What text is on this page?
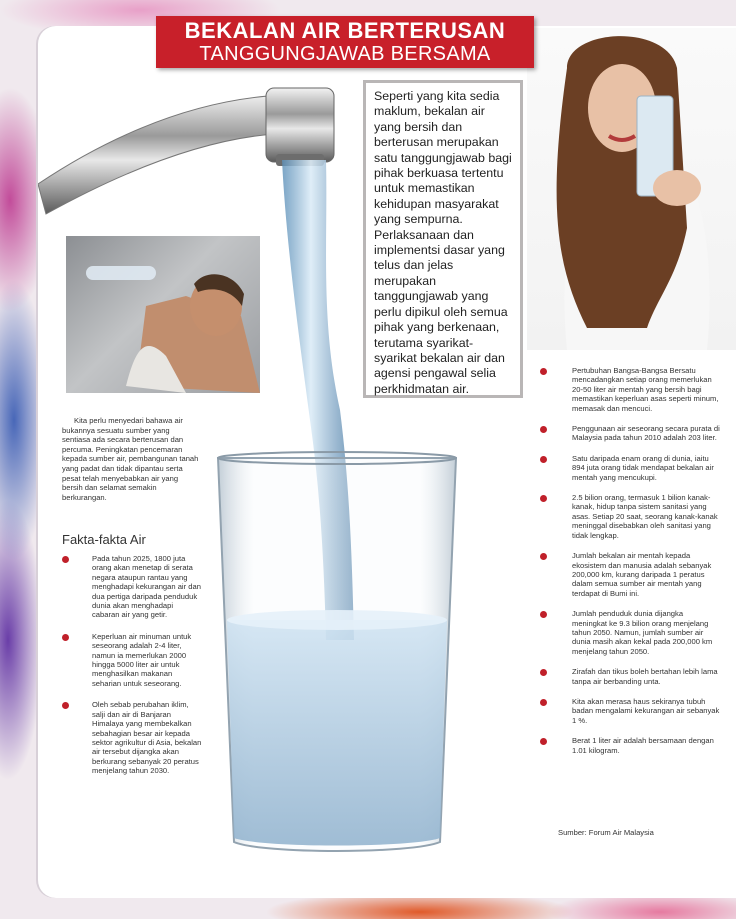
BEKALAN AIR BERTERUSAN
TANGGUNGJAWAB BERSAMA

Seperti yang kita sedia maklum, bekalan air yang bersih dan berterusan merupakan satu tanggungjawab bagi pihak berkuasa tertentu untuk memastikan kehidupan masyarakat yang sempurna. Perlaksanaan dan implementsi dasar yang telus dan jelas merupakan tanggungjawab yang perlu dipikul oleh semua pihak yang berkenaan, terutama syarikat-syarikat bekalan air dan agensi pengawal selia perkhidmatan air.

Kita perlu menyedari bahawa air bukannya sesuatu sumber yang sentiasa ada secara berterusan dan percuma. Peningkatan pencemaran kepada sumber air, pembangunan tanah yang padat dan tidak dipantau serta pesat telah menyebabkan air yang bersih dan selamat semakin berkurangan.

Fakta-fakta Air
Pada tahun 2025, 1800 juta orang akan menetap di serata negara ataupun rantau yang menghadapi kekurangan air dan dua pertiga daripada penduduk dunia akan menghadapi cabaran air yang getir.
Keperluan air minuman untuk seseorang adalah 2-4 liter, namun ia memerlukan 2000 hingga 5000 liter air untuk menghasilkan makanan seharian untuk seseorang.
Oleh sebab perubahan iklim, salji dan air di Banjaran Himalaya yang membekalkan sebahagian besar air kepada sektor agrikultur di Asia, bekalan air tersebut dijangka akan berkurang sebanyak 20 peratus menjelang tahun 2030.
Pertubuhan Bangsa-Bangsa Bersatu mencadangkan setiap orang memerlukan 20-50 liter air mentah yang bersih bagi memastikan keperluan asas seperti minum, memasak dan mencuci.
Penggunaan air seseorang secara purata di Malaysia pada tahun 2010 adalah 203 liter.
Satu daripada enam orang di dunia, iaitu 894 juta orang tidak mendapat bekalan air mentah yang mencukupi.
2.5 bilion orang, termasuk 1 bilion kanak-kanak, hidup tanpa sistem sanitasi yang asas. Setiap 20 saat, seorang kanak-kanak meninggal disebabkan oleh sanitasi yang tidak lengkap.
Jumlah bekalan air mentah kepada ekosistem dan manusia adalah sebanyak 200,000 km, kurang daripada 1 peratus dalam semua sumber air mentah yang terdapat di Bumi ini.
Jumlah penduduk dunia dijangka meningkat ke 9.3 bilion orang menjelang tahun 2050. Namun, jumlah sumber air dunia masih akan kekal pada 200,000 km menjelang tahun 2050.
Zirafah dan tikus boleh bertahan lebih lama tanpa air berbanding unta.
Kita akan merasa haus sekiranya tubuh badan mengalami kekurangan air sebanyak 1 %.
Berat 1 liter air adalah bersamaan dengan 1.01 kilogram.
Sumber: Forum Air Malaysia
